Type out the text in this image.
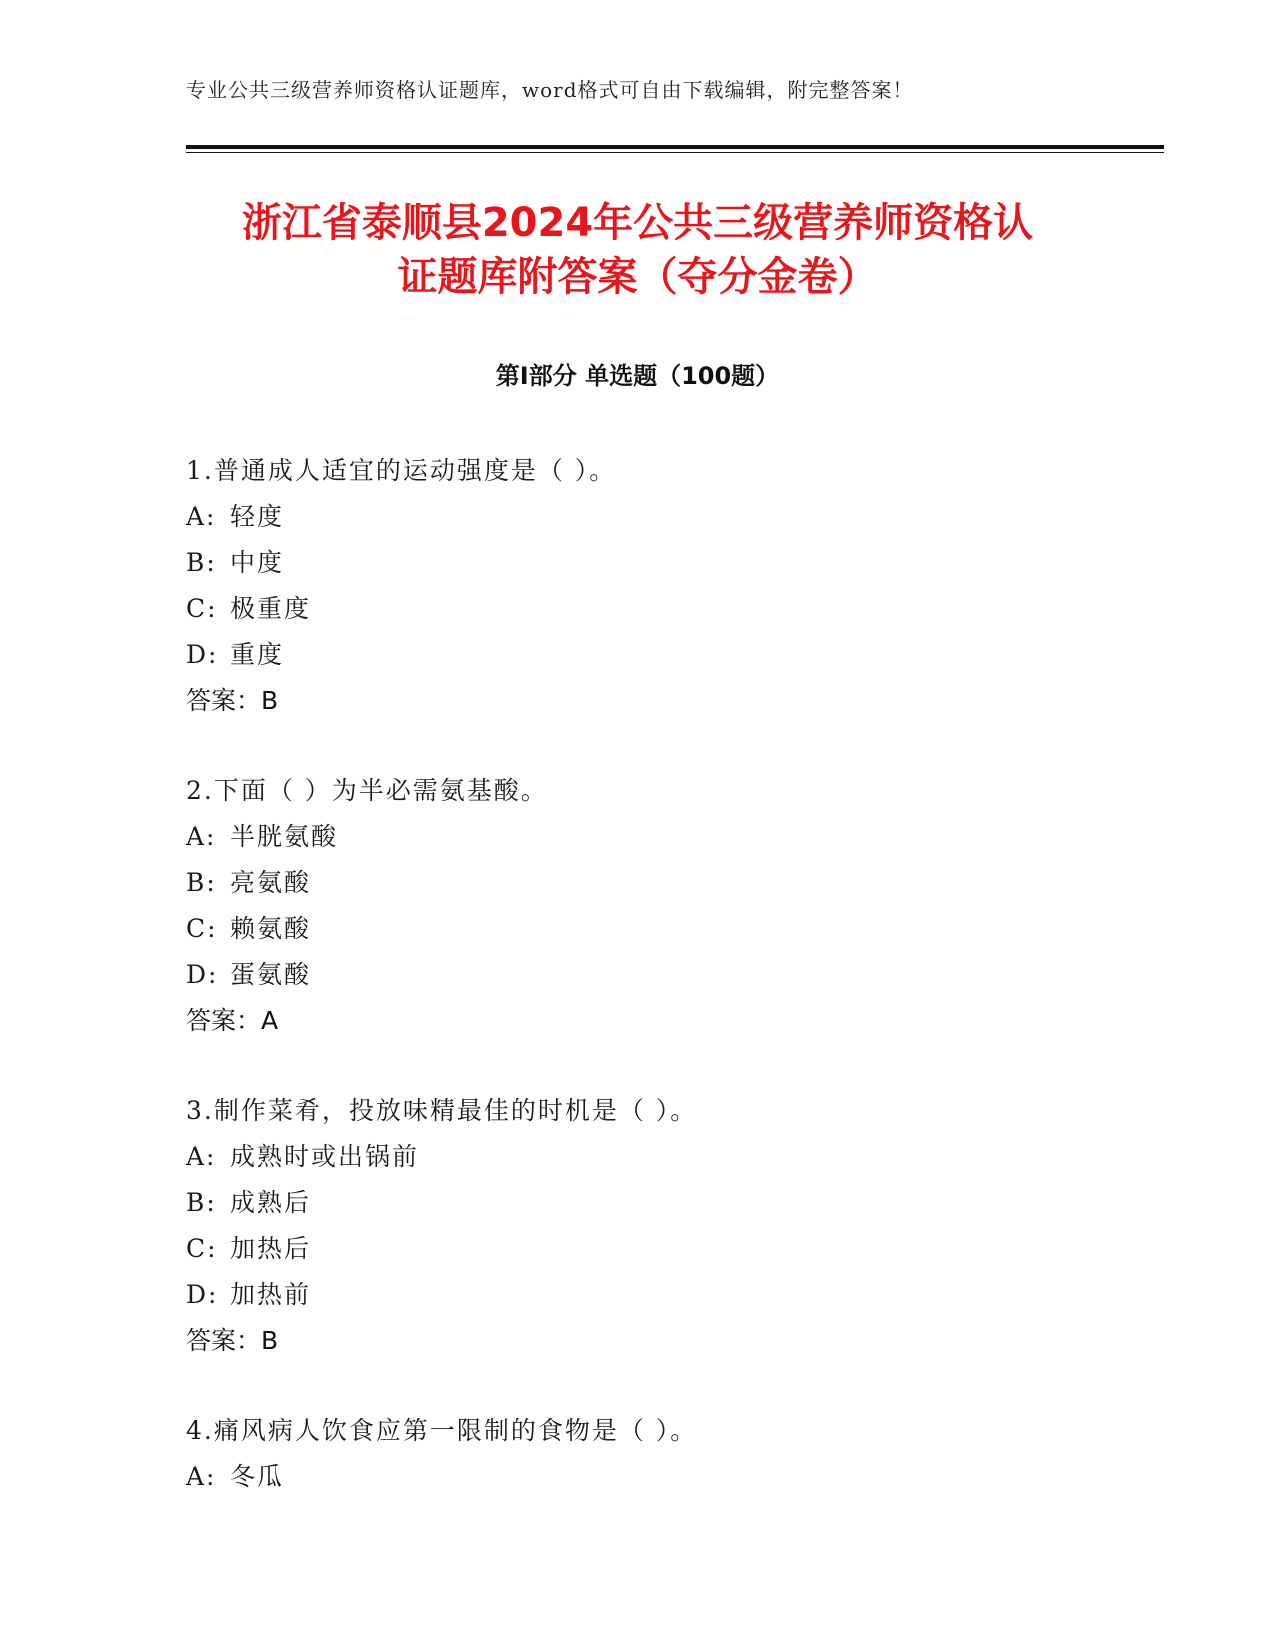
专业公共三级营养师资格认证题库，word格式可自由下载编辑，附完整答案！
浙江省泰顺县2024年公共三级营养师资格认
证题库附答案（夺分金卷）
第Ⅰ部分 单选题（100题）
1.普通成人适宜的运动强度是（ ）。
A: 轻度
B: 中度
C: 极重度
D: 重度
答案：B
2.下面（ ）为半必需氨基酸。
A: 半胱氨酸
B: 亮氨酸
C: 赖氨酸
D: 蛋氨酸
答案：A
3.制作菜肴，投放味精最佳的时机是（ ）。
A: 成熟时或出锅前
B: 成熟后
C: 加热后
D: 加热前
答案：B
4.痛风病人饮食应第一限制的食物是（ ）。
A: 冬瓜
